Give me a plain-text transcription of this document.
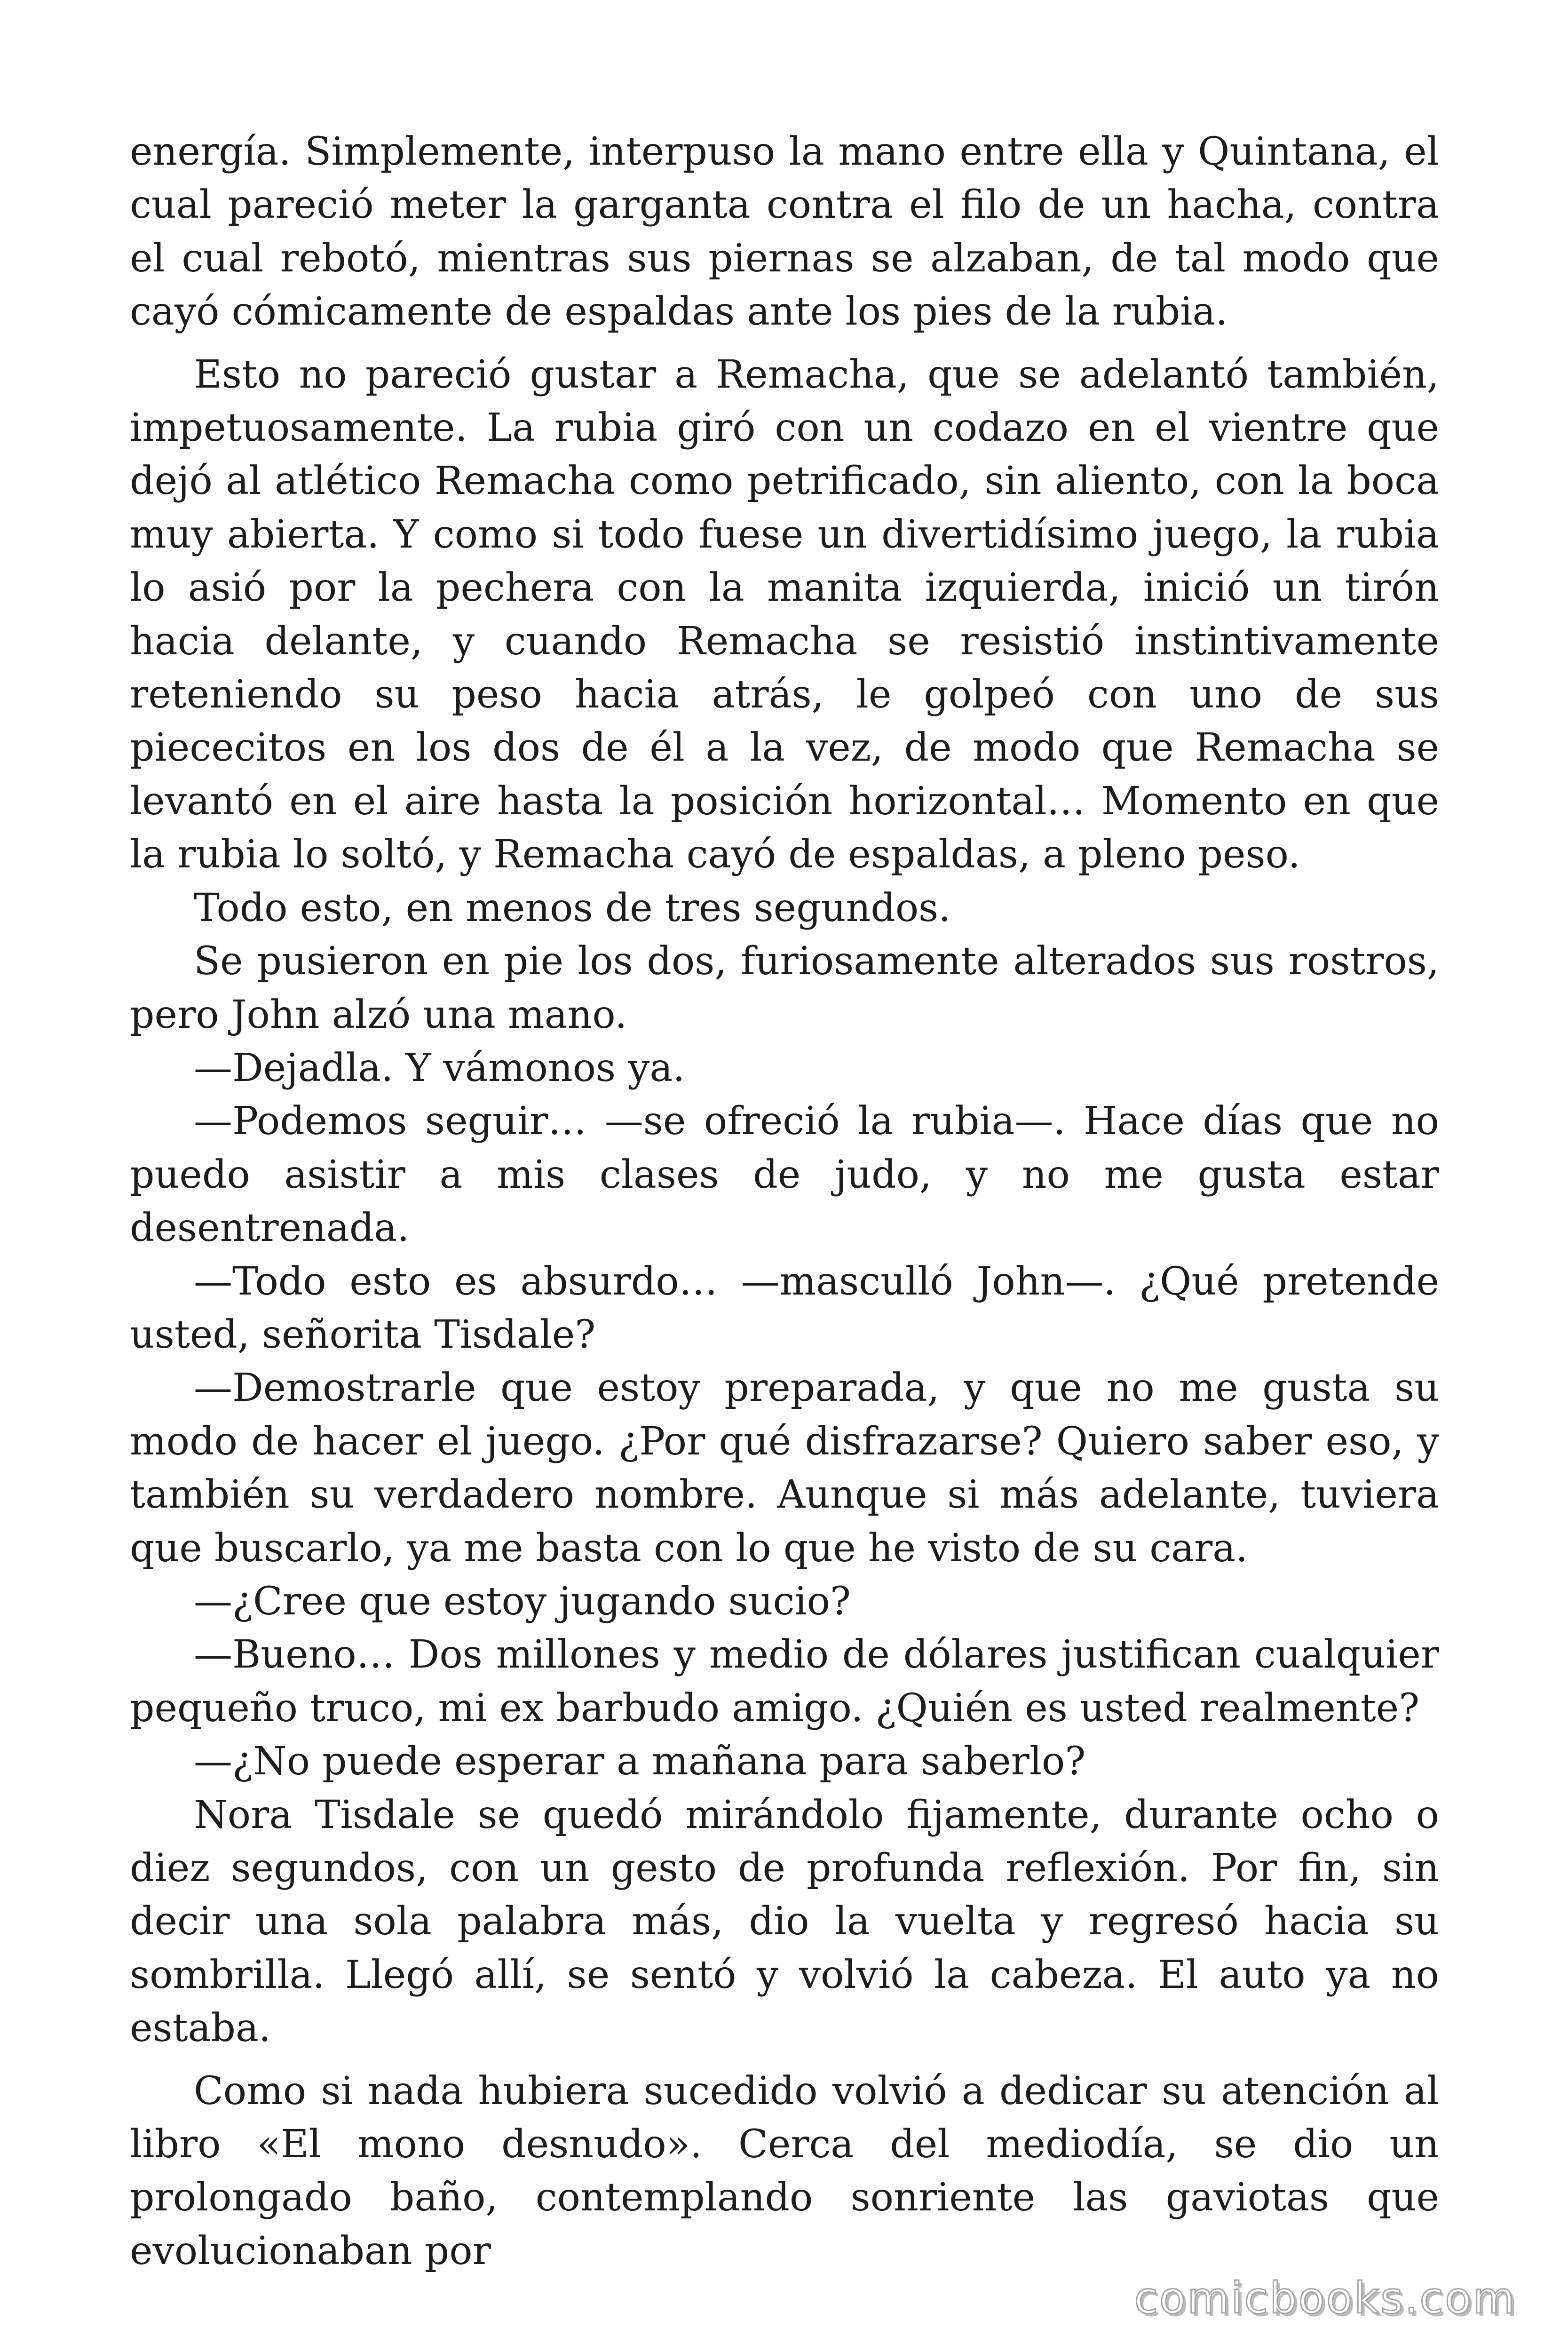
energía. Simplemente, interpuso la mano entre ella y Quintana, el cual pareció meter la garganta contra el filo de un hacha, contra el cual rebotó, mientras sus piernas se alzaban, de tal modo que cayó cómicamente de espaldas ante los pies de la rubia.

Esto no pareció gustar a Remacha, que se adelantó también, impetuosamente. La rubia giró con un codazo en el vientre que dejó al atlético Remacha como petrificado, sin aliento, con la boca muy abierta. Y como si todo fuese un divertidísimo juego, la rubia lo asió por la pechera con la manita izquierda, inició un tirón hacia delante, y cuando Remacha se resistió instintivamente reteniendo su peso hacia atrás, le golpeó con uno de sus piececitos en los dos de él a la vez, de modo que Remacha se levantó en el aire hasta la posición horizontal… Momento en que la rubia lo soltó, y Remacha cayó de espaldas, a pleno peso.

Todo esto, en menos de tres segundos.

Se pusieron en pie los dos, furiosamente alterados sus rostros, pero John alzó una mano.

—Dejadla. Y vámonos ya.

—Podemos seguir… —se ofreció la rubia—. Hace días que no puedo asistir a mis clases de judo, y no me gusta estar desentrenada.

—Todo esto es absurdo… —masculló John—. ¿Qué pretende usted, señorita Tisdale?

—Demostrarle que estoy preparada, y que no me gusta su modo de hacer el juego. ¿Por qué disfrazarse? Quiero saber eso, y también su verdadero nombre. Aunque si más adelante, tuviera que buscarlo, ya me basta con lo que he visto de su cara.

—¿Cree que estoy jugando sucio?

—Bueno… Dos millones y medio de dólares justifican cualquier pequeño truco, mi ex barbudo amigo. ¿Quién es usted realmente?

—¿No puede esperar a mañana para saberlo?

Nora Tisdale se quedó mirándolo fijamente, durante ocho o diez segundos, con un gesto de profunda reflexión. Por fin, sin decir una sola palabra más, dio la vuelta y regresó hacia su sombrilla. Llegó allí, se sentó y volvió la cabeza. El auto ya no estaba.

Como si nada hubiera sucedido volvió a dedicar su atención al libro «El mono desnudo». Cerca del mediodía, se dio un prolongado baño, contemplando sonriente las gaviotas que evolucionaban por

comicbooks.com
